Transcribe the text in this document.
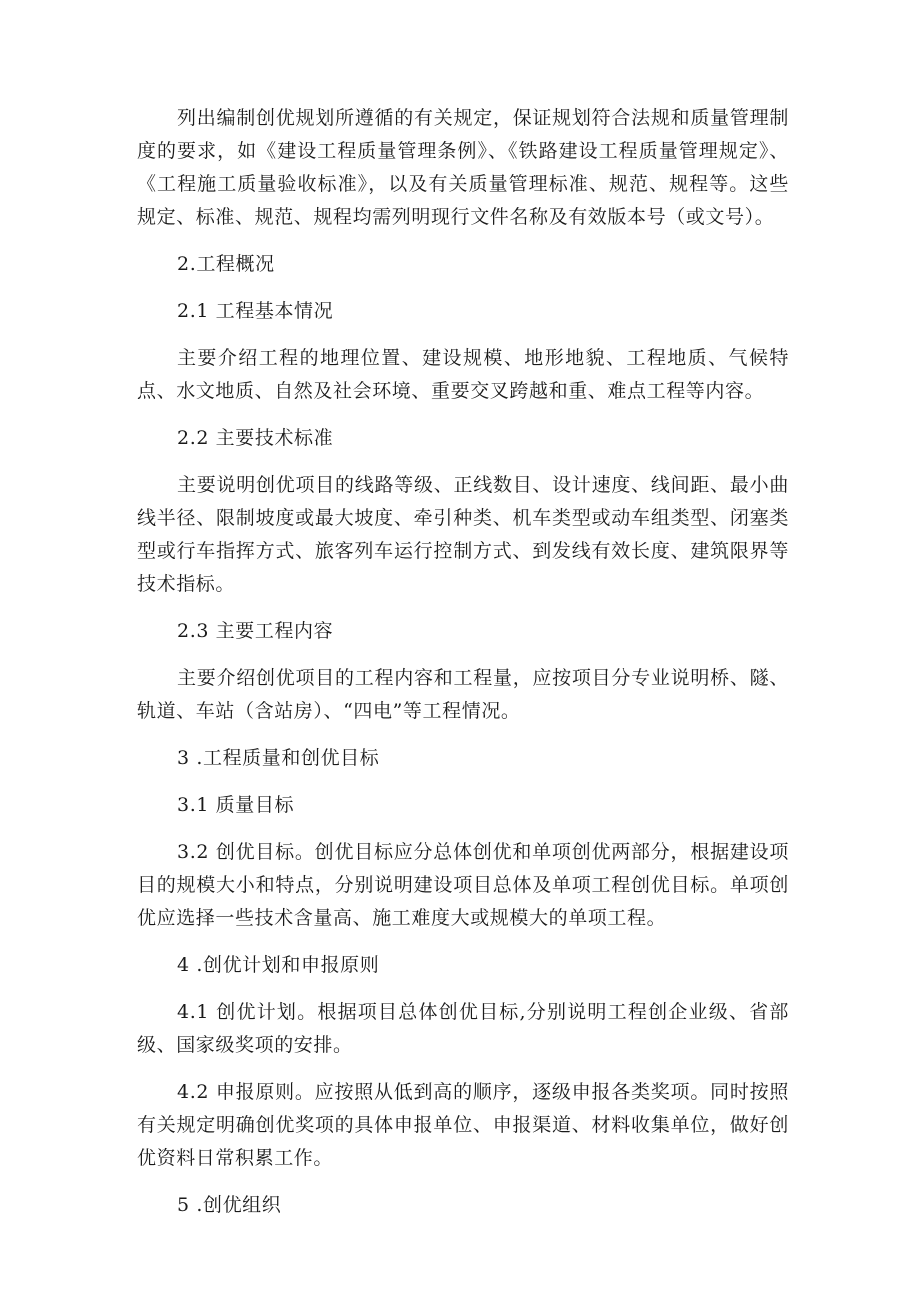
列出编制创优规划所遵循的有关规定，保证规划符合法规和质量管理制度的要求，如《建设工程质量管理条例》、《铁路建设工程质量管理规定》、《工程施工质量验收标准》，以及有关质量管理标准、规范、规程等。这些规定、标准、规范、规程均需列明现行文件名称及有效版本号（或文号）。

2.工程概况

2.1 工程基本情况

主要介绍工程的地理位置、建设规模、地形地貌、工程地质、气候特点、水文地质、自然及社会环境、重要交叉跨越和重、难点工程等内容。

2.2 主要技术标准

主要说明创优项目的线路等级、正线数目、设计速度、线间距、最小曲线半径、限制坡度或最大坡度、牵引种类、机车类型或动车组类型、闭塞类型或行车指挥方式、旅客列车运行控制方式、到发线有效长度、建筑限界等技术指标。

2.3 主要工程内容

主要介绍创优项目的工程内容和工程量，应按项目分专业说明桥、隧、轨道、车站（含站房）、“四电”等工程情况。

3 .工程质量和创优目标

3.1 质量目标

3.2 创优目标。创优目标应分总体创优和单项创优两部分，根据建设项目的规模大小和特点，分别说明建设项目总体及单项工程创优目标。单项创优应选择一些技术含量高、施工难度大或规模大的单项工程。

4 .创优计划和申报原则

4.1 创优计划。根据项目总体创优目标,分别说明工程创企业级、省部级、国家级奖项的安排。

4.2 申报原则。应按照从低到高的顺序，逐级申报各类奖项。同时按照有关规定明确创优奖项的具体申报单位、申报渠道、材料收集单位，做好创优资料日常积累工作。

5 .创优组织
